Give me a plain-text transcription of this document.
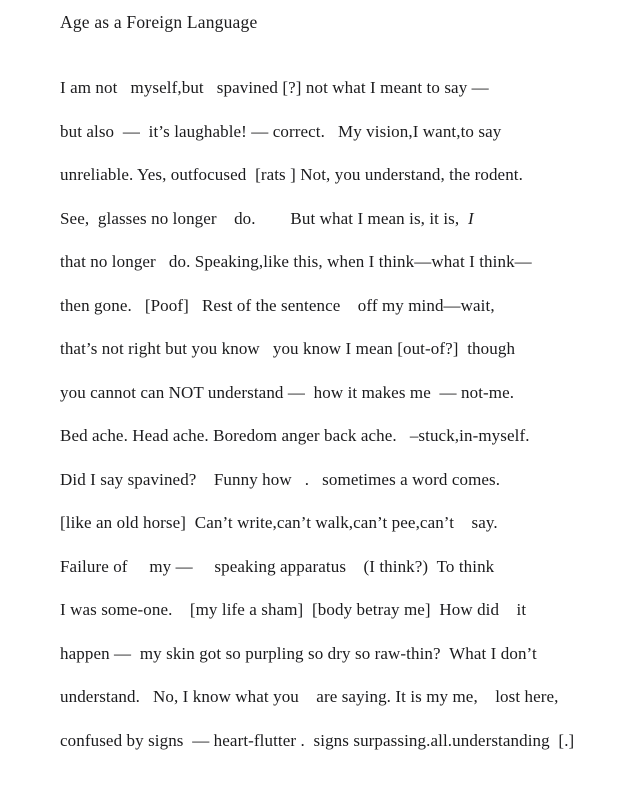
Age as a Foreign Language
I am not   myself,but   spavined [?] not what I meant to say —
but also  —  it’s laughable! — correct.   My vision,I want,to say
unreliable. Yes, outfocused  [rats ] Not, you understand, the rodent.
See,  glasses no longer    do.        But what I mean is, it is,  I
that no longer   do. Speaking,like this, when I think—what I think—
then gone.   [Poof]   Rest of the sentence    off my mind—wait,
that’s not right but you know   you know I mean [out-of?]  though
you cannot can NOT understand —  how it makes me  — not-me.
Bed ache. Head ache. Boredom anger back ache.   –stuck,in-myself.
Did I say spavined?    Funny how   .   sometimes a word comes.
[like an old horse]  Can’t write,can’t walk,can’t pee,can’t    say.
Failure of     my —     speaking apparatus    (I think?)  To think
I was some-one.    [my life a sham]  [body betray me]  How did    it
happen —  my skin got so purpling so dry so raw-thin?  What I don’t
understand.   No, I know what you    are saying. It is my me,    lost here,
confused by signs  — heart-flutter .  signs surpassing.all.understanding  [.]
